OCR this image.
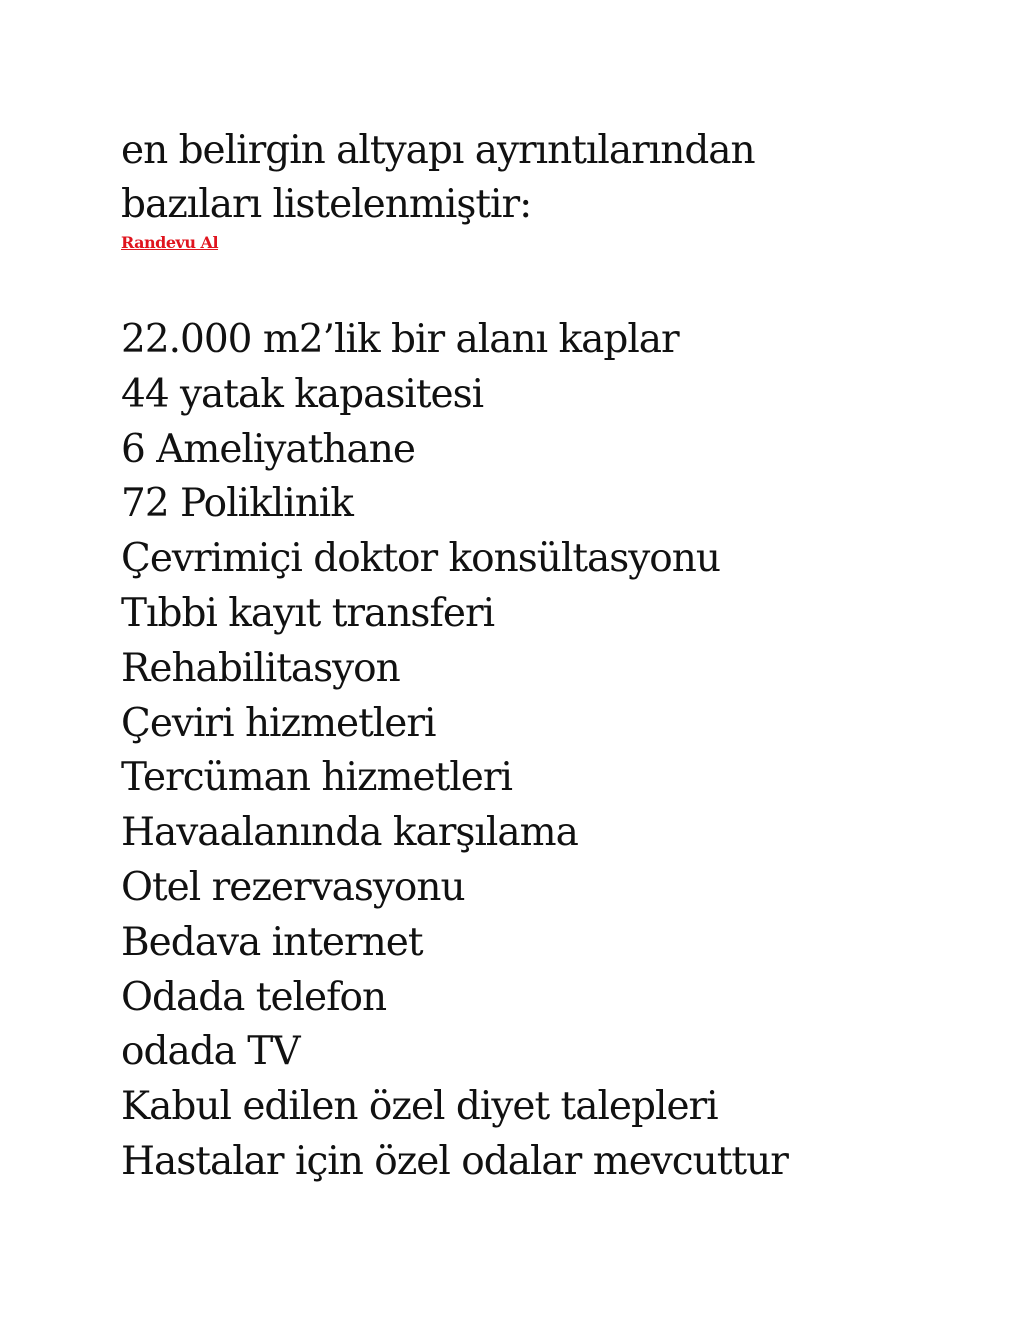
en belirgin altyapı ayrıntılarından
bazıları listelenmiştir:

Randevu Al
22.000 m2’lik bir alanı kaplar
44 yatak kapasitesi
6 Ameliyathane
72 Poliklinik
Çevrimiçi doktor konsültasyonu
Tıbbi kayıt transferi
Rehabilitasyon
Çeviri hizmetleri
Tercüman hizmetleri
Havaalanında karşılama
Otel rezervasyonu
Bedava internet
Odada telefon
odada TV
Kabul edilen özel diyet talepleri
Hastalar için özel odalar mevcuttur
